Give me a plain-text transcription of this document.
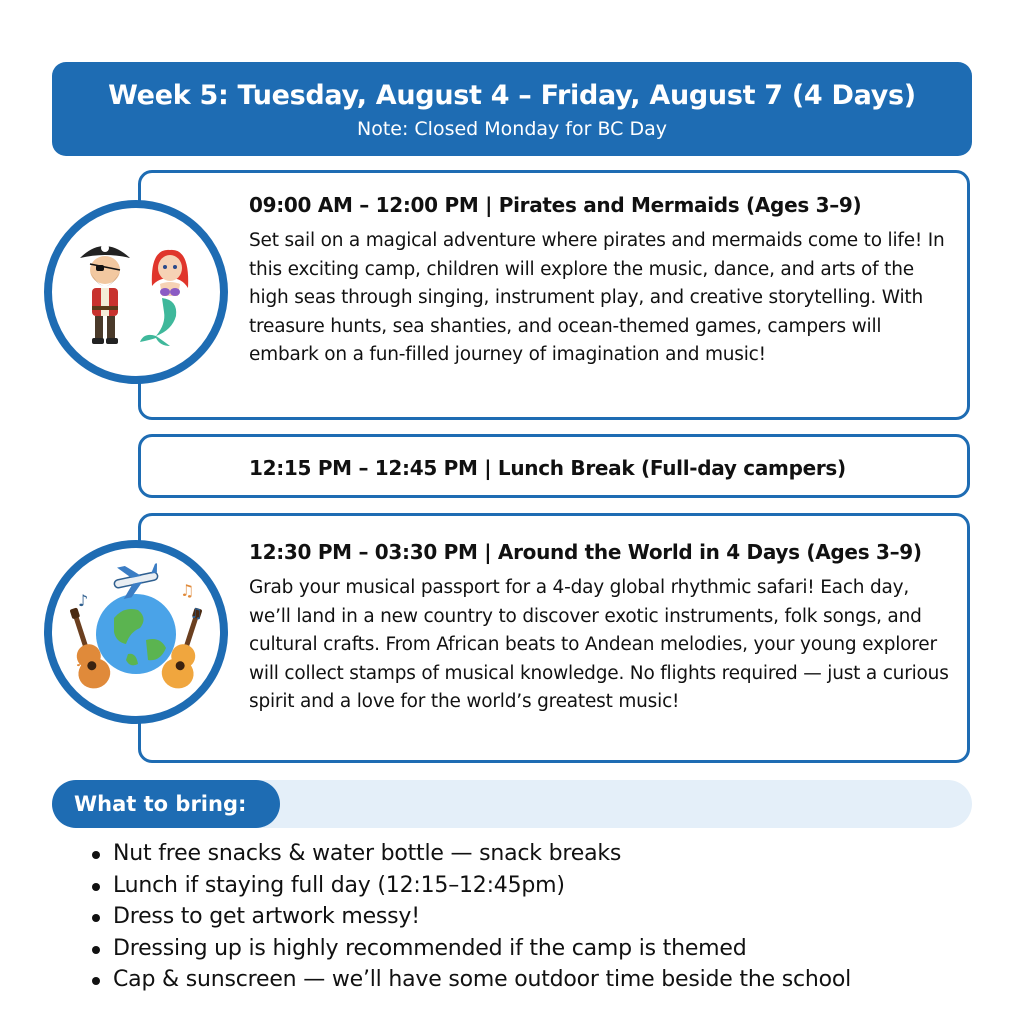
Week 5: Tuesday, August 4 – Friday, August 7 (4 Days)
Note: Closed Monday for BC Day
09:00 AM – 12:00 PM | Pirates and Mermaids (Ages 3–9)
Set sail on a magical adventure where pirates and mermaids come to life! In this exciting camp, children will explore the music, dance, and arts of the high seas through singing, instrument play, and creative storytelling. With treasure hunts, sea shanties, and ocean-themed games, campers will embark on a fun-filled journey of imagination and music!
12:15 PM – 12:45 PM | Lunch Break (Full-day campers)
12:30 PM – 03:30 PM | Around the World in 4 Days (Ages 3–9)
Grab your musical passport for a 4-day global rhythmic safari! Each day, we’ll land in a new country to discover exotic instruments, folk songs, and cultural crafts. From African beats to Andean melodies, your young explorer will collect stamps of musical knowledge. No flights required — just a curious spirit and a love for the world’s greatest music!
♪
♫
♫
♪
What to bring:
Nut free snacks & water bottle — snack breaks
Lunch if staying full day (12:15–12:45pm)
Dress to get artwork messy!
Dressing up is highly recommended if the camp is themed
Cap & sunscreen — we’ll have some outdoor time beside the school
